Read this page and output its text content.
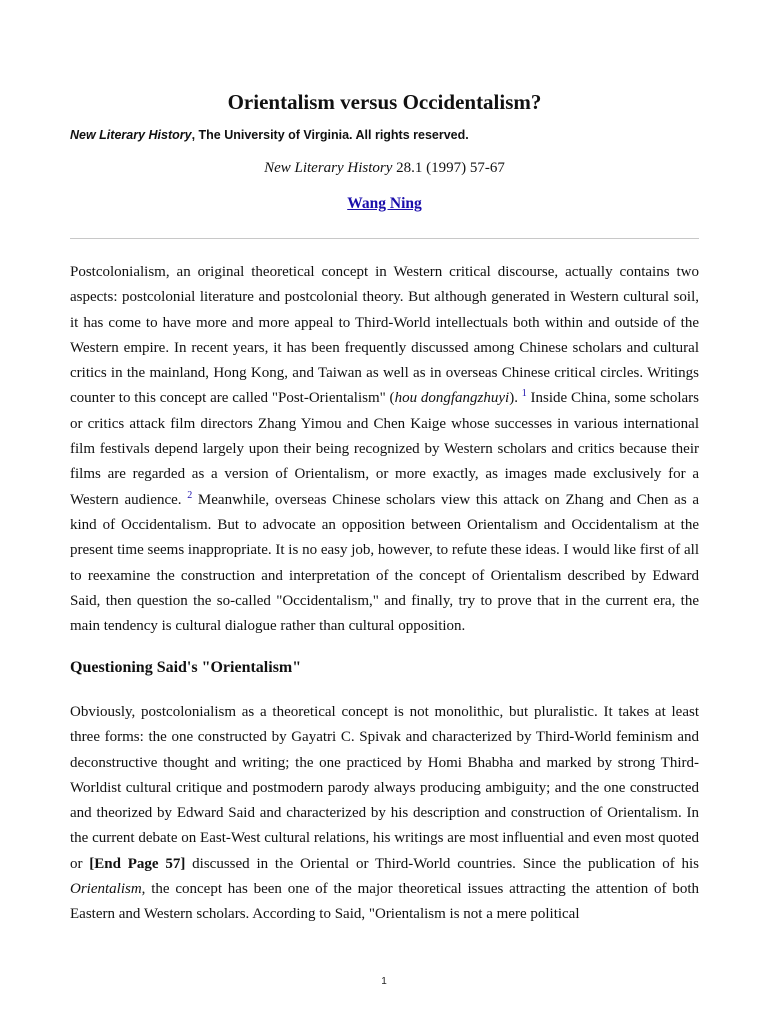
Orientalism versus Occidentalism?
New Literary History, The University of Virginia. All rights reserved.
New Literary History 28.1 (1997) 57-67
Wang Ning

Postcolonialism, an original theoretical concept in Western critical discourse, actually contains two aspects: postcolonial literature and postcolonial theory. But although generated in Western cultural soil, it has come to have more and more appeal to Third-World intellectuals both within and outside of the Western empire. In recent years, it has been frequently discussed among Chinese scholars and cultural critics in the mainland, Hong Kong, and Taiwan as well as in overseas Chinese critical circles. Writings counter to this concept are called "Post-Orientalism" (hou dongfangzhuyi). $^1$ Inside China, some scholars or critics attack film directors Zhang Yimou and Chen Kaige whose successes in various international film festivals depend largely upon their being recognized by Western scholars and critics because their films are regarded as a version of Orientalism, or more exactly, as images made exclusively for a Western audience. $^2$ Meanwhile, overseas Chinese scholars view this attack on Zhang and Chen as a kind of Occidentalism. But to advocate an opposition between Orientalism and Occidentalism at the present time seems inappropriate. It is no easy job, however, to refute these ideas. I would like first of all to reexamine the construction and interpretation of the concept of Orientalism described by Edward Said, then question the so-called "Occidentalism," and finally, try to prove that in the current era, the main tendency is cultural dialogue rather than cultural opposition.

Questioning Said's "Orientalism"

Obviously, postcolonialism as a theoretical concept is not monolithic, but pluralistic. It takes at least three forms: the one constructed by Gayatri C. Spivak and characterized by Third-World feminism and deconstructive thought and writing; the one practiced by Homi Bhabha and marked by strong Third-Worldist cultural critique and postmodern parody always producing ambiguity; and the one constructed and theorized by Edward Said and characterized by his description and construction of Orientalism. In the current debate on East-West cultural relations, his writings are most influential and even most quoted or [End Page 57] discussed in the Oriental or Third-World countries. Since the publication of his Orientalism, the concept has been one of the major theoretical issues attracting the attention of both Eastern and Western scholars. According to Said, "Orientalism is not a mere political

1
